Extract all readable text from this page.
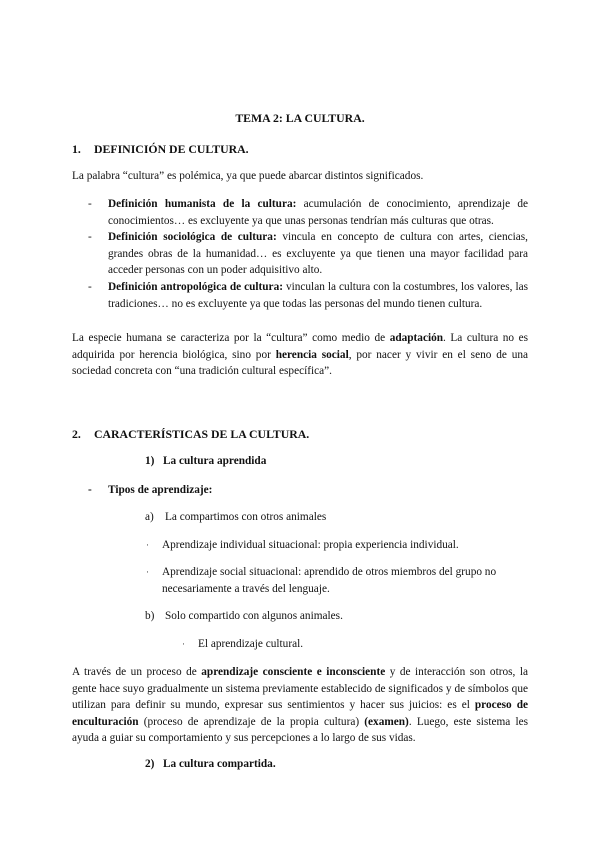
TEMA 2: LA CULTURA.
1. DEFINICIÓN DE CULTURA.
La palabra “cultura” es polémica, ya que puede abarcar distintos significados.
- Definición humanista de la cultura: acumulación de conocimiento, aprendizaje de conocimientos… es excluyente ya que unas personas tendrían más culturas que otras.
- Definición sociológica de cultura: vincula en concepto de cultura con artes, ciencias, grandes obras de la humanidad… es excluyente ya que tienen una mayor facilidad para acceder personas con un poder adquisitivo alto.
- Definición antropológica de cultura: vinculan la cultura con la costumbres, los valores, las tradiciones… no es excluyente ya que todas las personas del mundo tienen cultura.
La especie humana se caracteriza por la “cultura” como medio de adaptación. La cultura no es adquirida por herencia biológica, sino por herencia social, por nacer y vivir en el seno de una sociedad concreta con “una tradición cultural específica”.
2. CARACTERÍSTICAS DE LA CULTURA.
1) La cultura aprendida
- Tipos de aprendizaje:
a) La compartimos con otros animales
· Aprendizaje individual situacional: propia experiencia individual.
· Aprendizaje social situacional: aprendido de otros miembros del grupo no necesariamente a través del lenguaje.
b) Solo compartido con algunos animales.
· El aprendizaje cultural.
A través de un proceso de aprendizaje consciente e inconsciente y de interacción son otros, la gente hace suyo gradualmente un sistema previamente establecido de significados y de símbolos que utilizan para definir su mundo, expresar sus sentimientos y hacer sus juicios: es el proceso de enculturación (proceso de aprendizaje de la propia cultura) (examen). Luego, este sistema les ayuda a guiar su comportamiento y sus percepciones a lo largo de sus vidas.
2) La cultura compartida.
